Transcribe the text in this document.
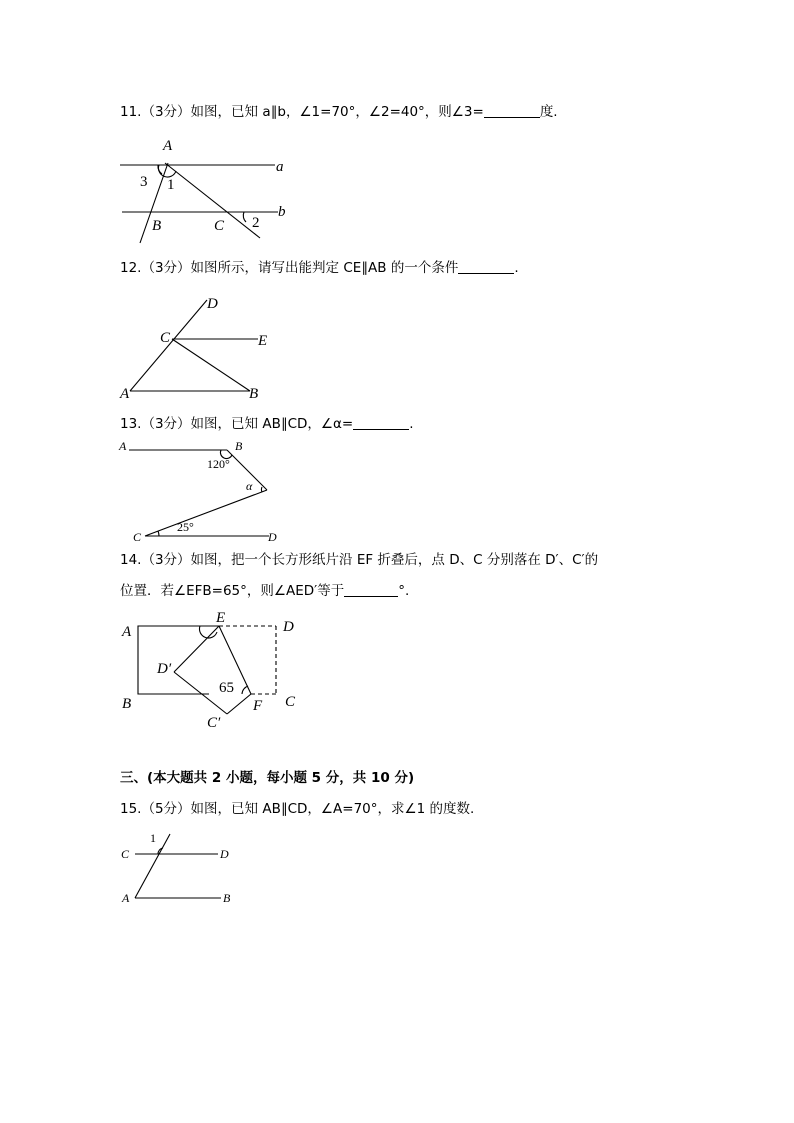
11.（3分）如图，已知 a∥b，∠1=70°，∠2=40°，则∠3=	度.
A
a
b
B	C
1
2
3
12.（3分）如图所示，请写出能判定 CE∥AB 的一个条件	.
D
C	E
A	B
13.（3分）如图，已知 AB∥CD，∠α=	.
A	B
120°
α
25°
C	D
14.（3分）如图，把一个长方形纸片沿 EF 折叠后，点 D、C 分别落在 D′、C′的
位置．若∠EFB=65°，则∠AED′等于	°.
A
B
D
C
E
D′
C′
F
65
三、(本大题共 2 小题，每小题 5 分，共 10 分)
15.（5分）如图，已知 AB∥CD，∠A=70°，求∠1 的度数.
C	D
A	B
1
